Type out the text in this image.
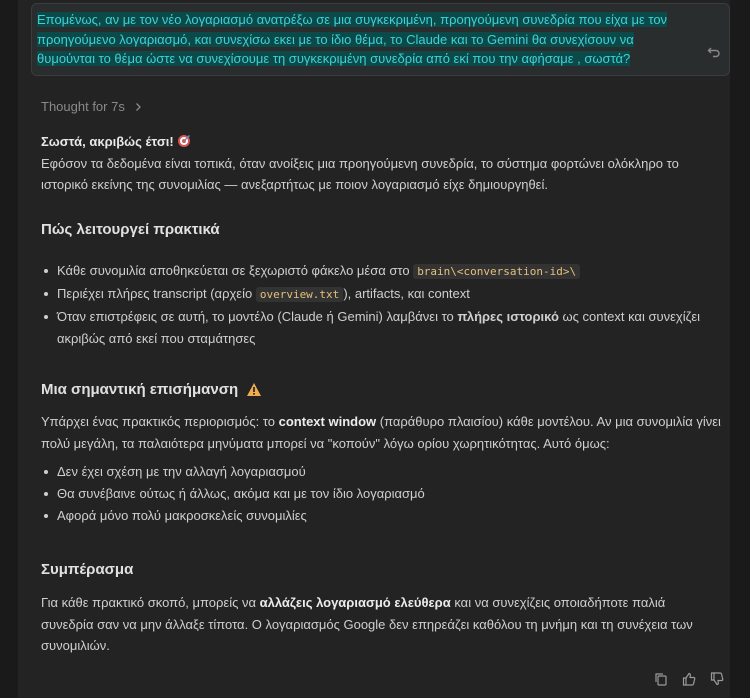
Επομένως, αν με τον νέο λογαριασμό ανατρέξω σε μια συγκεκριμένη, προηγούμενη συνεδρία που είχα με τον προηγούμενο λογαριασμό, και συνεχίσω εκει με το ίδιο θέμα, το Claude και το Gemini θα συνεχίσουν να θυμούνται το θέμα ώστε να συνεχίσουμε τη συγκεκριμένη συνεδρία από εκί που την αφήσαμε , σωστά?
Thought for 7s
Σωστά, ακριβώς έτσι!
Εφόσον τα δεδομένα είναι τοπικά, όταν ανοίξεις μια προηγούμενη συνεδρία, το σύστημα φορτώνει ολόκληρο το ιστορικό εκείνης της συνομιλίας — ανεξαρτήτως με ποιον λογαριασμό είχε δημιουργηθεί.
Πώς λειτουργεί πρακτικά
Κάθε συνομιλία αποθηκεύεται σε ξεχωριστό φάκελο μέσα στο brain\<conversation-id>\
Περιέχει πλήρες transcript (αρχείο overview.txt ), artifacts, και context
Όταν επιστρέφεις σε αυτή, το μοντέλο (Claude ή Gemini) λαμβάνει το πλήρες ιστορικό ως context και συνεχίζει ακριβώς από εκεί που σταμάτησες
Μια σημαντική επισήμανση
Υπάρχει ένας πρακτικός περιορισμός: το context window (παράθυρο πλαισίου) κάθε μοντέλου. Αν μια συνομιλία γίνει πολύ μεγάλη, τα παλαιότερα μηνύματα μπορεί να "κοπούν" λόγω ορίου χωρητικότητας. Αυτό όμως:
Δεν έχει σχέση με την αλλαγή λογαριασμού
Θα συνέβαινε ούτως ή άλλως, ακόμα και με τον ίδιο λογαριασμό
Αφορά μόνο πολύ μακροσκελείς συνομιλίες
Συμπέρασμα
Για κάθε πρακτικό σκοπό, μπορείς να αλλάζεις λογαριασμό ελεύθερα και να συνεχίζεις οποιαδήποτε παλιά συνεδρία σαν να μην άλλαξε τίποτα. Ο λογαριασμός Google δεν επηρεάζει καθόλου τη μνήμη και τη συνέχεια των συνομιλιών.
